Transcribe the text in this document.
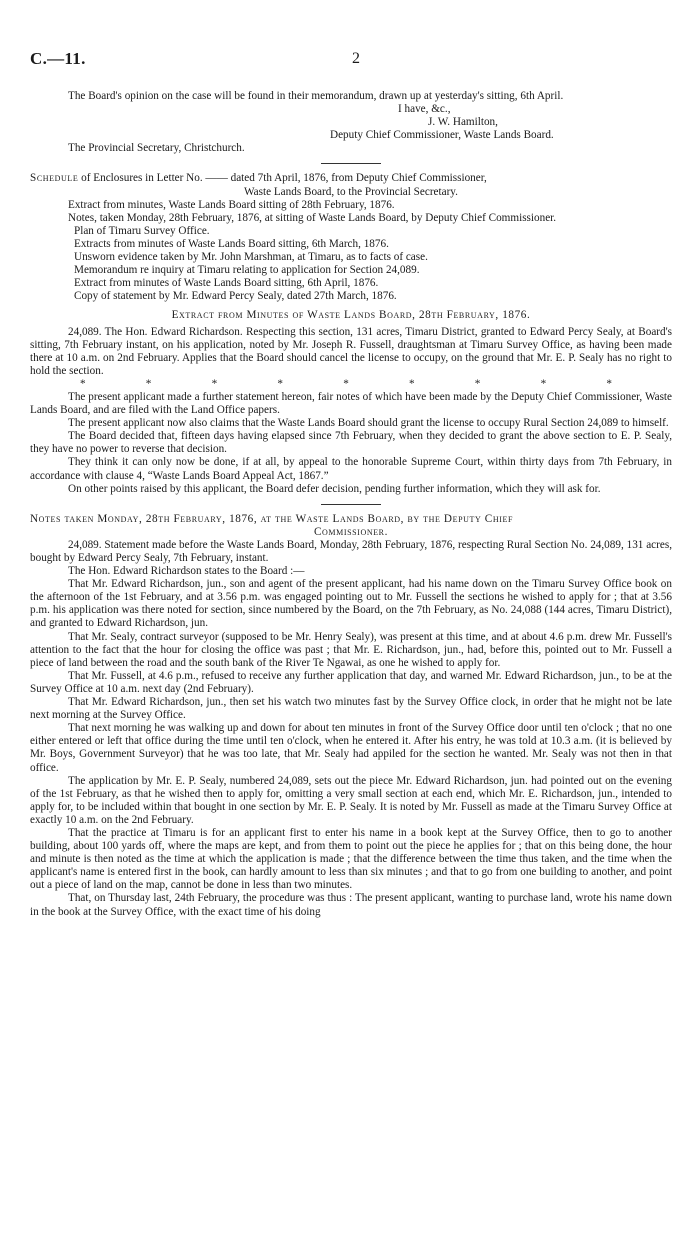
C.—11.	2

The Board's opinion on the case will be found in their memorandum, drawn up at yesterday's sitting, 6th April.

I have, &c.,

J. W. Hamilton,

Deputy Chief Commissioner, Waste Lands Board.

The Provincial Secretary, Christchurch.

Schedule of Enclosures in Letter No. —— dated 7th April, 1876, from Deputy Chief Commissioner,

Waste Lands Board, to the Provincial Secretary.

Extract from minutes, Waste Lands Board sitting of 28th February, 1876.

Notes, taken Monday, 28th February, 1876, at sitting of Waste Lands Board, by Deputy Chief Commissioner.

Plan of Timaru Survey Office.

Extracts from minutes of Waste Lands Board sitting, 6th March, 1876.

Unsworn evidence taken by Mr. John Marshman, at Timaru, as to facts of case.

Memorandum re inquiry at Timaru relating to application for Section 24,089.

Extract from minutes of Waste Lands Board sitting, 6th April, 1876.

Copy of statement by Mr. Edward Percy Sealy, dated 27th March, 1876.

Extract from Minutes of Waste Lands Board, 28th February, 1876.

24,089. The Hon. Edward Richardson. Respecting this section, 131 acres, Timaru District, granted to Edward Percy Sealy, at Board's sitting, 7th February instant, on his application, noted by Mr. Joseph R. Fussell, draughtsman at Timaru Survey Office, as having been made there at 10 a.m. on 2nd February. Applies that the Board should cancel the license to occupy, on the ground that Mr. E. P. Sealy has no right to hold the section.

*	*	*	*	*	*	*	*	*

The present applicant made a further statement hereon, fair notes of which have been made by the Deputy Chief Commissioner, Waste Lands Board, and are filed with the Land Office papers.

The present applicant now also claims that the Waste Lands Board should grant the license to occupy Rural Section 24,089 to himself.

The Board decided that, fifteen days having elapsed since 7th February, when they decided to grant the above section to E. P. Sealy, they have no power to reverse that decision.

They think it can only now be done, if at all, by appeal to the honorable Supreme Court, within thirty days from 7th February, in accordance with clause 4, “Waste Lands Board Appeal Act, 1867.”

On other points raised by this applicant, the Board defer decision, pending further information, which they will ask for.

Notes taken Monday, 28th February, 1876, at the Waste Lands Board, by the Deputy Chief

Commissioner.

24,089. Statement made before the Waste Lands Board, Monday, 28th February, 1876, respecting Rural Section No. 24,089, 131 acres, bought by Edward Percy Sealy, 7th February, instant.

The Hon. Edward Richardson states to the Board :—

That Mr. Edward Richardson, jun., son and agent of the present applicant, had his name down on the Timaru Survey Office book on the afternoon of the 1st February, and at 3.56 p.m. was engaged pointing out to Mr. Fussell the sections he wished to apply for ; that at 3.56 p.m. his application was there noted for section, since numbered by the Board, on the 7th February, as No. 24,088 (144 acres, Timaru District), and granted to Edward Richardson, jun.

That Mr. Sealy, contract surveyor (supposed to be Mr. Henry Sealy), was present at this time, and at about 4.6 p.m. drew Mr. Fussell's attention to the fact that the hour for closing the office was past ; that Mr. E. Richardson, jun., had, before this, pointed out to Mr. Fussell a piece of land between the road and the south bank of the River Te Ngawai, as one he wished to apply for.

That Mr. Fussell, at 4.6 p.m., refused to receive any further application that day, and warned Mr. Edward Richardson, jun., to be at the Survey Office at 10 a.m. next day (2nd February).

That Mr. Edward Richardson, jun., then set his watch two minutes fast by the Survey Office clock, in order that he might not be late next morning at the Survey Office.

That next morning he was walking up and down for about ten minutes in front of the Survey Office door until ten o'clock ; that no one either entered or left that office during the time until ten o'clock, when he entered it. After his entry, he was told at 10.3 a.m. (it is believed by Mr. Boys, Government Surveyor) that he was too late, that Mr. Sealy had appiled for the section he wanted. Mr. Sealy was not then in that office.

The application by Mr. E. P. Sealy, numbered 24,089, sets out the piece Mr. Edward Richardson, jun. had pointed out on the evening of the 1st February, as that he wished then to apply for, omitting a very small section at each end, which Mr. E. Richardson, jun., intended to apply for, to be included within that bought in one section by Mr. E. P. Sealy. It is noted by Mr. Fussell as made at the Timaru Survey Office at exactly 10 a.m. on the 2nd February.

That the practice at Timaru is for an applicant first to enter his name in a book kept at the Survey Office, then to go to another building, about 100 yards off, where the maps are kept, and from them to point out the piece he applies for ; that on this being done, the hour and minute is then noted as the time at which the application is made ; that the difference between the time thus taken, and the time when the applicant's name is entered first in the book, can hardly amount to less than six minutes ; and that to go from one building to another, and point out a piece of land on the map, cannot be done in less than two minutes.

That, on Thursday last, 24th February, the procedure was thus : The present applicant, wanting to purchase land, wrote his name down in the book at the Survey Office, with the exact time of his doing
